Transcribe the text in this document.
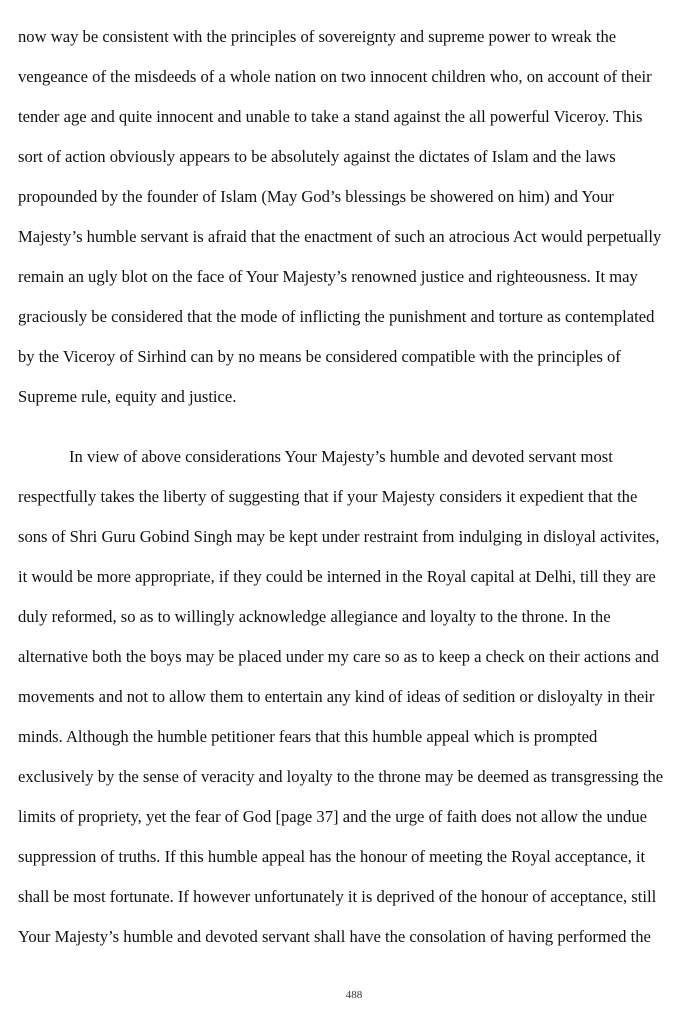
now way be consistent with the principles of sovereignty and supreme power to wreak the
vengeance of the misdeeds of a whole nation on two innocent children who, on account of their
tender age and quite innocent and unable to take a stand against the all powerful Viceroy. This
sort of action obviously appears to be absolutely against the dictates of Islam and the laws
propounded by the founder of Islam (May God’s blessings be showered on him) and Your
Majesty’s humble servant is afraid that the enactment of such an atrocious Act would perpetually
remain an ugly blot on the face of Your Majesty’s renowned justice and righteousness. It may
graciously be considered that the mode of inflicting the punishment and torture as contemplated
by the Viceroy of Sirhind can by no means be considered compatible with the principles of
Supreme rule, equity and justice.

In view of above considerations Your Majesty’s humble and devoted servant most
respectfully takes the liberty of suggesting that if your Majesty considers it expedient that the
sons of Shri Guru Gobind Singh may be kept under restraint from indulging in disloyal activites,
it would be more appropriate, if they could be interned in the Royal capital at Delhi, till they are
duly reformed, so as to willingly acknowledge allegiance and loyalty to the throne. In the
alternative both the boys may be placed under my care so as to keep a check on their actions and
movements and not to allow them to entertain any kind of ideas of sedition or disloyalty in their
minds. Although the humble petitioner fears that this humble appeal which is prompted
exclusively by the sense of veracity and loyalty to the throne may be deemed as transgressing the
limits of propriety, yet the fear of God [page 37] and the urge of faith does not allow the undue
suppression of truths. If this humble appeal has the honour of meeting the Royal acceptance, it
shall be most fortunate. If however unfortunately it is deprived of the honour of acceptance, still
Your Majesty’s humble and devoted servant shall have the consolation of having performed the

488
